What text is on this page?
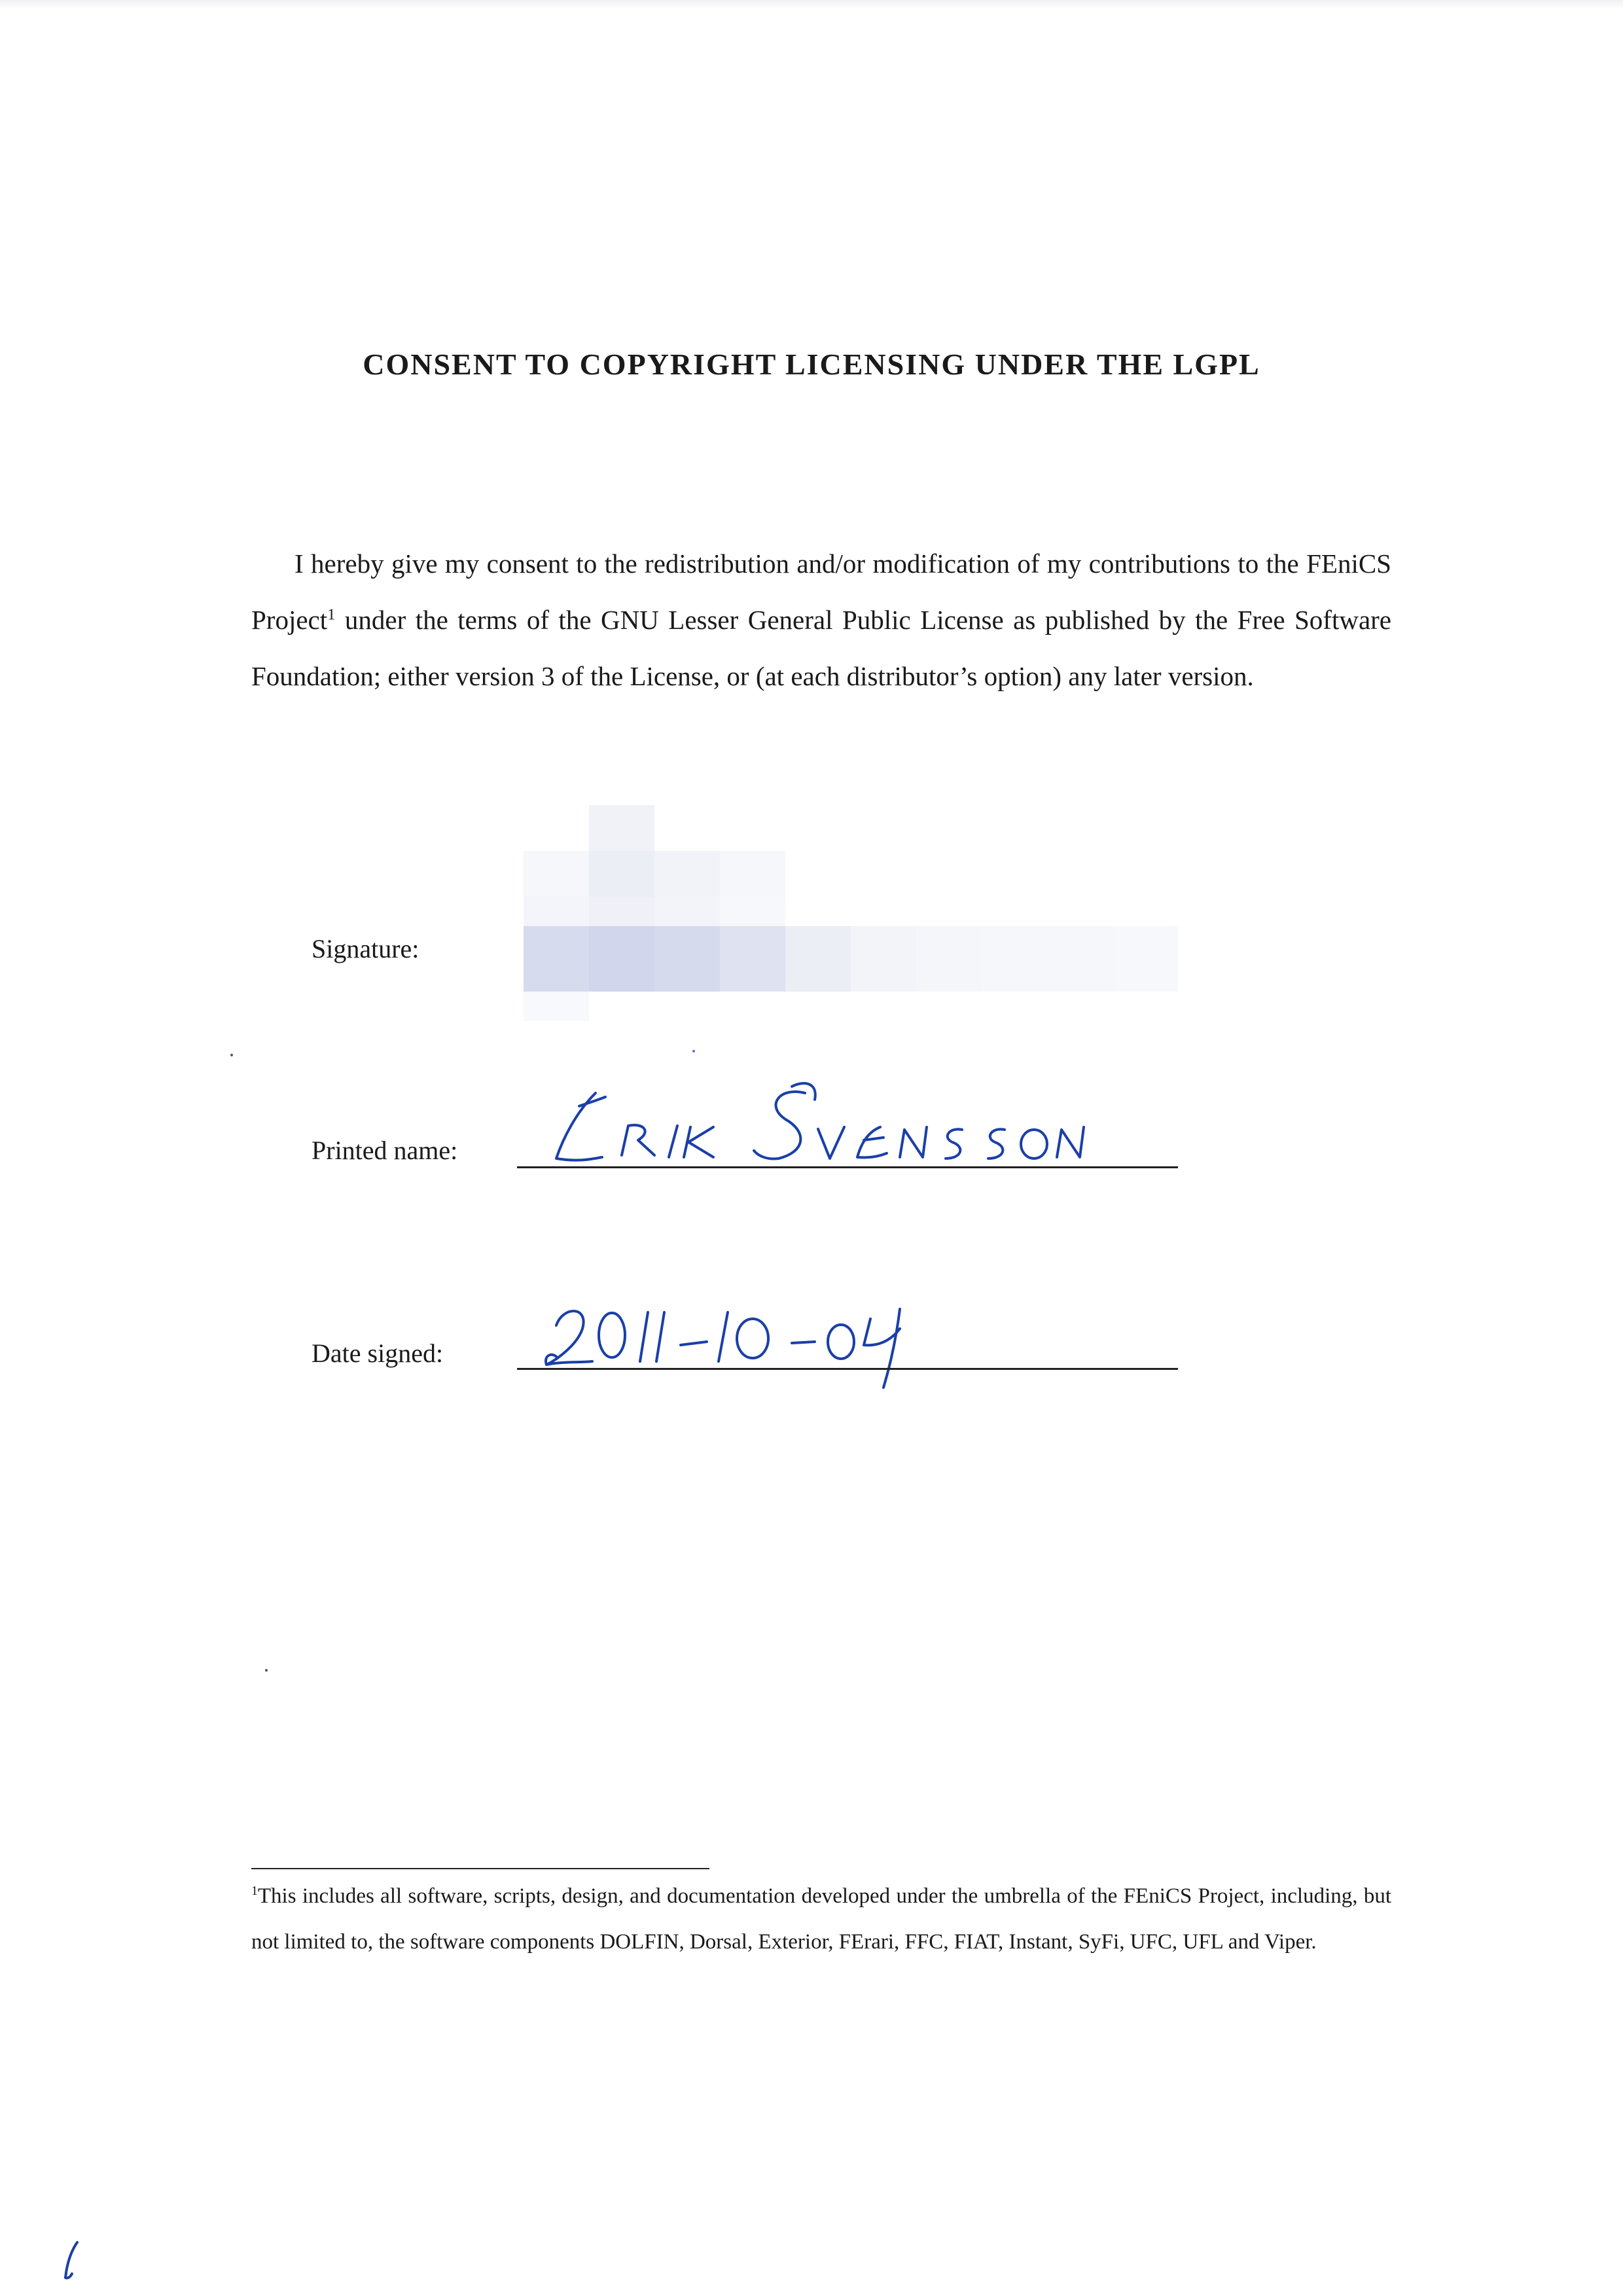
CONSENT TO COPYRIGHT LICENSING UNDER THE LGPL
I hereby give my consent to the redistribution and/or modification of my contributions to the FEniCS Project$^1$ under the terms of the GNU Lesser General Public License as published by the Free Software Foundation; either version 3 of the License, or (at each distributor’s option) any later version.
Signature:
Printed name:
Date signed:
$^1$This includes all software, scripts, design, and documentation developed under the umbrella of the FEniCS Project, including, but not limited to, the software components DOLFIN, Dorsal, Exterior, FErari, FFC, FIAT, Instant, SyFi, UFC, UFL and Viper.
